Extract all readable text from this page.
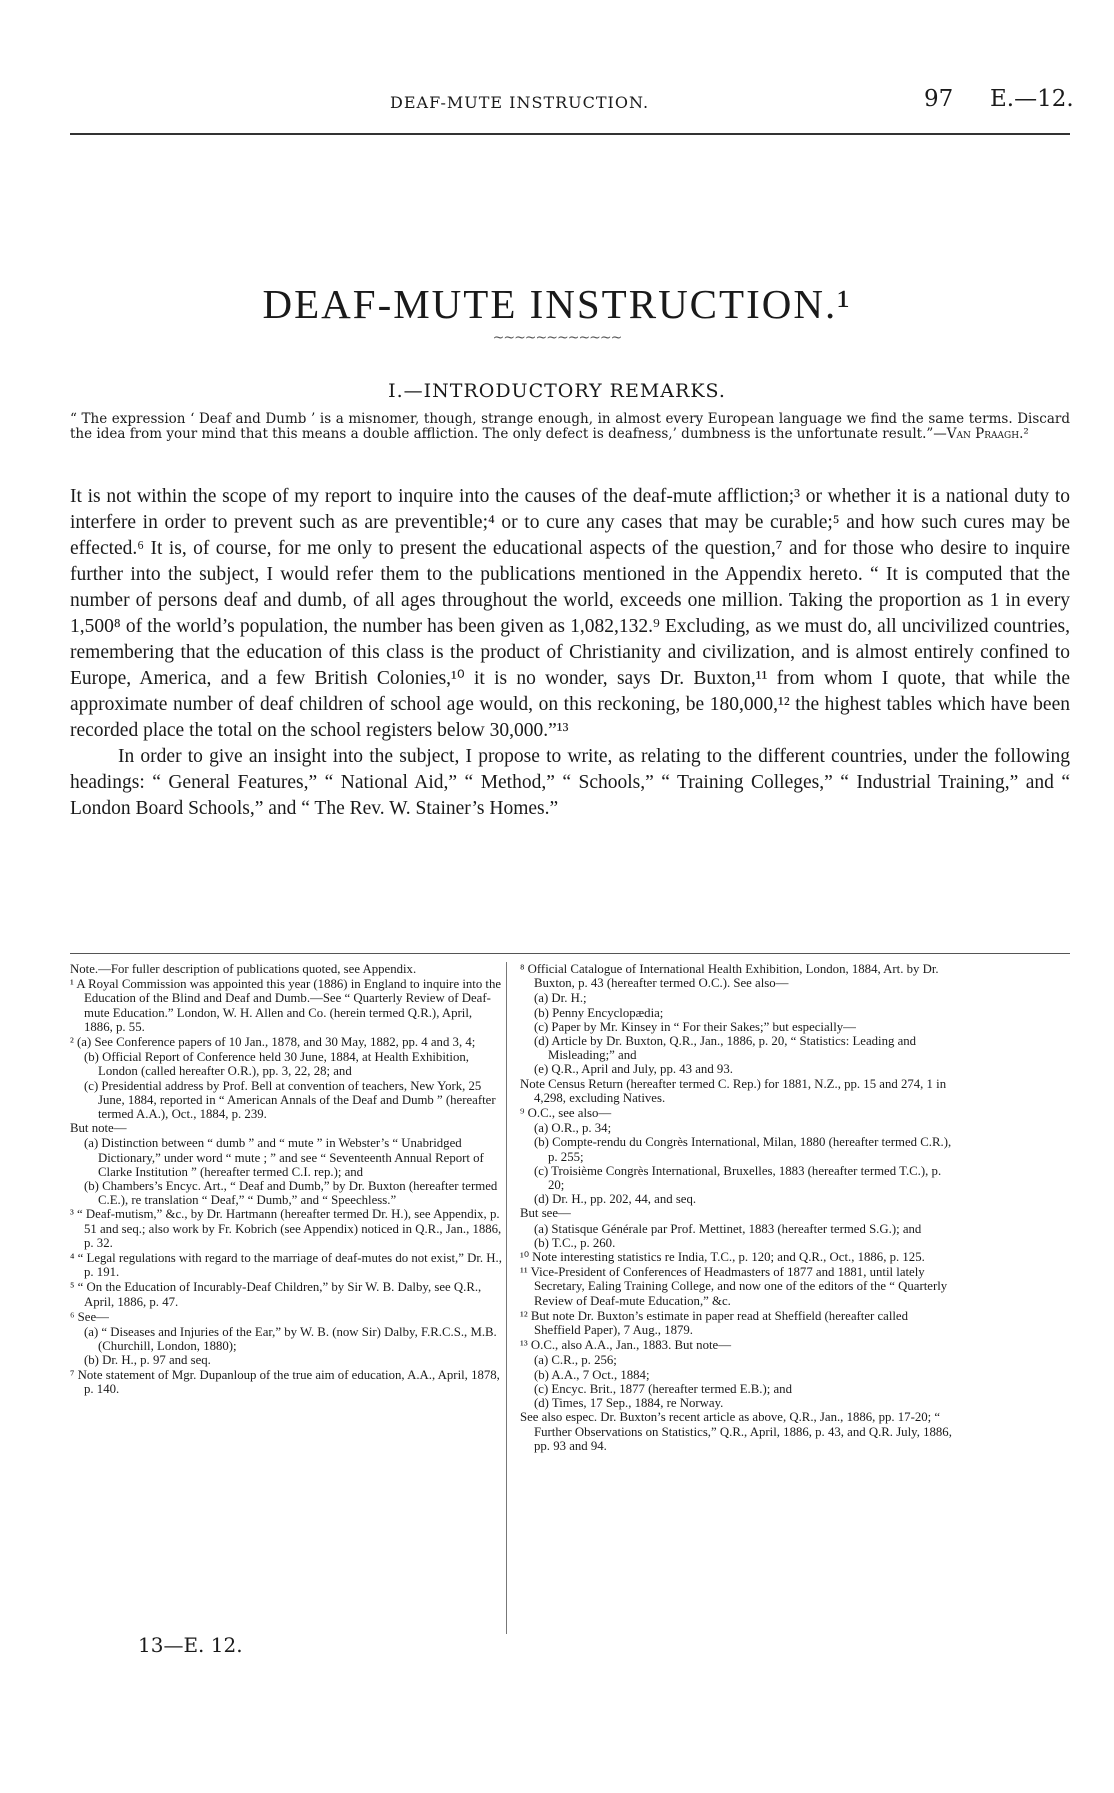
DEAF-MUTE INSTRUCTION.	97 E.—12.
DEAF-MUTE INSTRUCTION.¹
~~~~~~~~~~~~
I.—INTRODUCTORY REMARKS.
“ The expression ‘ Deaf and Dumb ’ is a misnomer, though, strange enough, in almost every European language we find the same terms. Discard the idea from your mind that this means a double affliction. The only defect is deafness,’ dumbness is the unfortunate result.”—Van Praagh.²

It is not within the scope of my report to inquire into the causes of the deaf-mute affliction;³ or whether it is a national duty to interfere in order to prevent such as are preventible;⁴ or to cure any cases that may be curable;⁵ and how such cures may be effected.⁶ It is, of course, for me only to present the educational aspects of the question,⁷ and for those who desire to inquire further into the subject, I would refer them to the publications mentioned in the Appendix hereto. “ It is computed that the number of persons deaf and dumb, of all ages throughout the world, exceeds one million. Taking the proportion as 1 in every 1,500⁸ of the world’s population, the number has been given as 1,082,132.⁹ Excluding, as we must do, all uncivilized countries, remembering that the education of this class is the product of Christianity and civilization, and is almost entirely confined to Europe, America, and a few British Colonies,¹⁰ it is no wonder, says Dr. Buxton,¹¹ from whom I quote, that while the approximate number of deaf children of school age would, on this reckoning, be 180,000,¹² the highest tables which have been recorded place the total on the school registers below 30,000.”¹³

In order to give an insight into the subject, I propose to write, as relating to the different countries, under the following headings: “ General Features,” “ National Aid,” “ Method,” “ Schools,” “ Training Colleges,” “ Industrial Training,” and “ London Board Schools,” and “ The Rev. W. Stainer’s Homes.”

Note.—For fuller description of publications quoted, see Appendix.

¹ A Royal Commission was appointed this year (1886) in England to inquire into the Education of the Blind and Deaf and Dumb.—See “ Quarterly Review of Deaf-mute Education.” London, W. H. Allen and Co. (herein termed Q.R.), April, 1886, p. 55.

² (a) See Conference papers of 10 Jan., 1878, and 30 May, 1882, pp. 4 and 3, 4;

(b) Official Report of Conference held 30 June, 1884, at Health Exhibition, London (called hereafter O.R.), pp. 3, 22, 28; and

(c) Presidential address by Prof. Bell at convention of teachers, New York, 25 June, 1884, reported in “ American Annals of the Deaf and Dumb ” (hereafter termed A.A.), Oct., 1884, p. 239.

But note—

(a) Distinction between “ dumb ” and “ mute ” in Webster’s “ Unabridged Dictionary,” under word “ mute ; ” and see “ Seventeenth Annual Report of Clarke Institution ” (hereafter termed C.I. rep.); and

(b) Chambers’s Encyc. Art., “ Deaf and Dumb,” by Dr. Buxton (hereafter termed C.E.), re translation “ Deaf,” “ Dumb,” and “ Speechless.”

³ “ Deaf-mutism,” &c., by Dr. Hartmann (hereafter termed Dr. H.), see Appendix, p. 51 and seq.; also work by Fr. Kobrich (see Appendix) noticed in Q.R., Jan., 1886, p. 32.

⁴ “ Legal regulations with regard to the marriage of deaf-mutes do not exist,” Dr. H., p. 191.

⁵ “ On the Education of Incurably-Deaf Children,” by Sir W. B. Dalby, see Q.R., April, 1886, p. 47.

⁶ See—

(a) “ Diseases and Injuries of the Ear,” by W. B. (now Sir) Dalby, F.R.C.S., M.B. (Churchill, London, 1880);

(b) Dr. H., p. 97 and seq.

⁷ Note statement of Mgr. Dupanloup of the true aim of education, A.A., April, 1878, p. 140.

⁸ Official Catalogue of International Health Exhibition, London, 1884, Art. by Dr. Buxton, p. 43 (hereafter termed O.C.). See also—

(a) Dr. H.;

(b) Penny Encyclopædia;

(c) Paper by Mr. Kinsey in “ For their Sakes;” but especially—

(d) Article by Dr. Buxton, Q.R., Jan., 1886, p. 20, “ Statistics: Leading and Misleading;” and

(e) Q.R., April and July, pp. 43 and 93.

Note Census Return (hereafter termed C. Rep.) for 1881, N.Z., pp. 15 and 274, 1 in 4,298, excluding Natives.

⁹ O.C., see also—

(a) O.R., p. 34;

(b) Compte-rendu du Congrès International, Milan, 1880 (hereafter termed C.R.), p. 255;

(c) Troisième Congrès International, Bruxelles, 1883 (hereafter termed T.C.), p. 20;

(d) Dr. H., pp. 202, 44, and seq.

But see—

(a) Statisque Générale par Prof. Mettinet, 1883 (hereafter termed S.G.); and

(b) T.C., p. 260.

¹⁰ Note interesting statistics re India, T.C., p. 120; and Q.R., Oct., 1886, p. 125.

¹¹ Vice-President of Conferences of Headmasters of 1877 and 1881, until lately Secretary, Ealing Training College, and now one of the editors of the “ Quarterly Review of Deaf-mute Education,” &c.

¹² But note Dr. Buxton’s estimate in paper read at Sheffield (hereafter called Sheffield Paper), 7 Aug., 1879.

¹³ O.C., also A.A., Jan., 1883. But note—

(a) C.R., p. 256;

(b) A.A., 7 Oct., 1884;

(c) Encyc. Brit., 1877 (hereafter termed E.B.); and

(d) Times, 17 Sep., 1884, re Norway.

See also espec. Dr. Buxton’s recent article as above, Q.R., Jan., 1886, pp. 17-20; “ Further Observations on Statistics,” Q.R., April, 1886, p. 43, and Q.R. July, 1886, pp. 93 and 94.

13—E. 12.
